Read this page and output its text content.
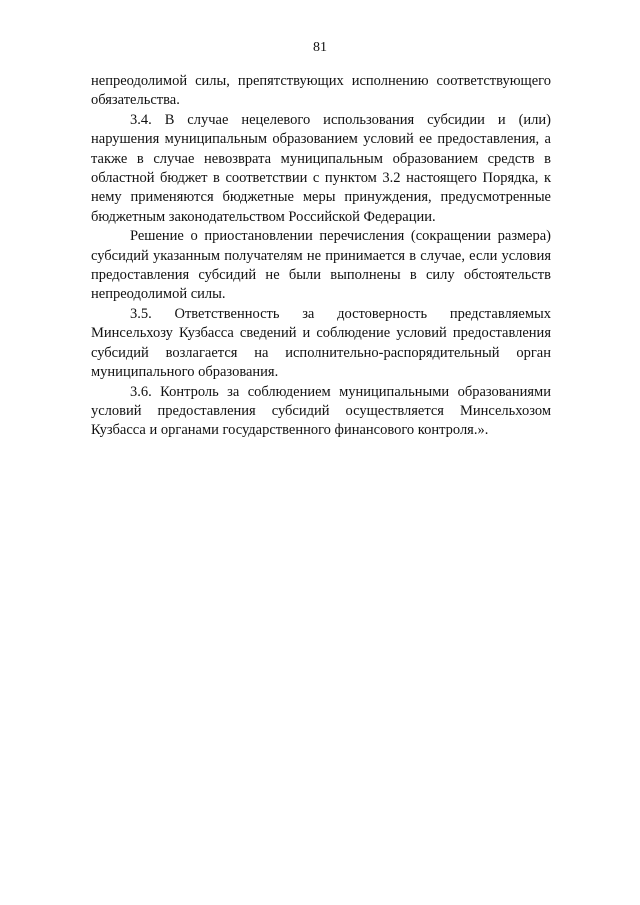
81

непреодолимой силы, препятствующих исполнению соответствующего обязательства.

3.4. В случае нецелевого использования субсидии и (или) нарушения муниципальным образованием условий ее предоставления, а также в случае невозврата муниципальным образованием средств в областной бюджет в соответствии с пунктом 3.2 настоящего Порядка, к нему применяются бюджетные меры принуждения, предусмотренные бюджетным законодательством Российской Федерации.

Решение о приостановлении перечисления (сокращении размера) субсидий указанным получателям не принимается в случае, если условия предоставления субсидий не были выполнены в силу обстоятельств непреодолимой силы.

3.5. Ответственность за достоверность представляемых Минсельхозу Кузбасса сведений и соблюдение условий предоставления субсидий возлагается на исполнительно-распорядительный орган муниципального образования.

3.6. Контроль за соблюдением муниципальными образованиями условий предоставления субсидий осуществляется Минсельхозом Кузбасса и органами государственного финансового контроля.».
